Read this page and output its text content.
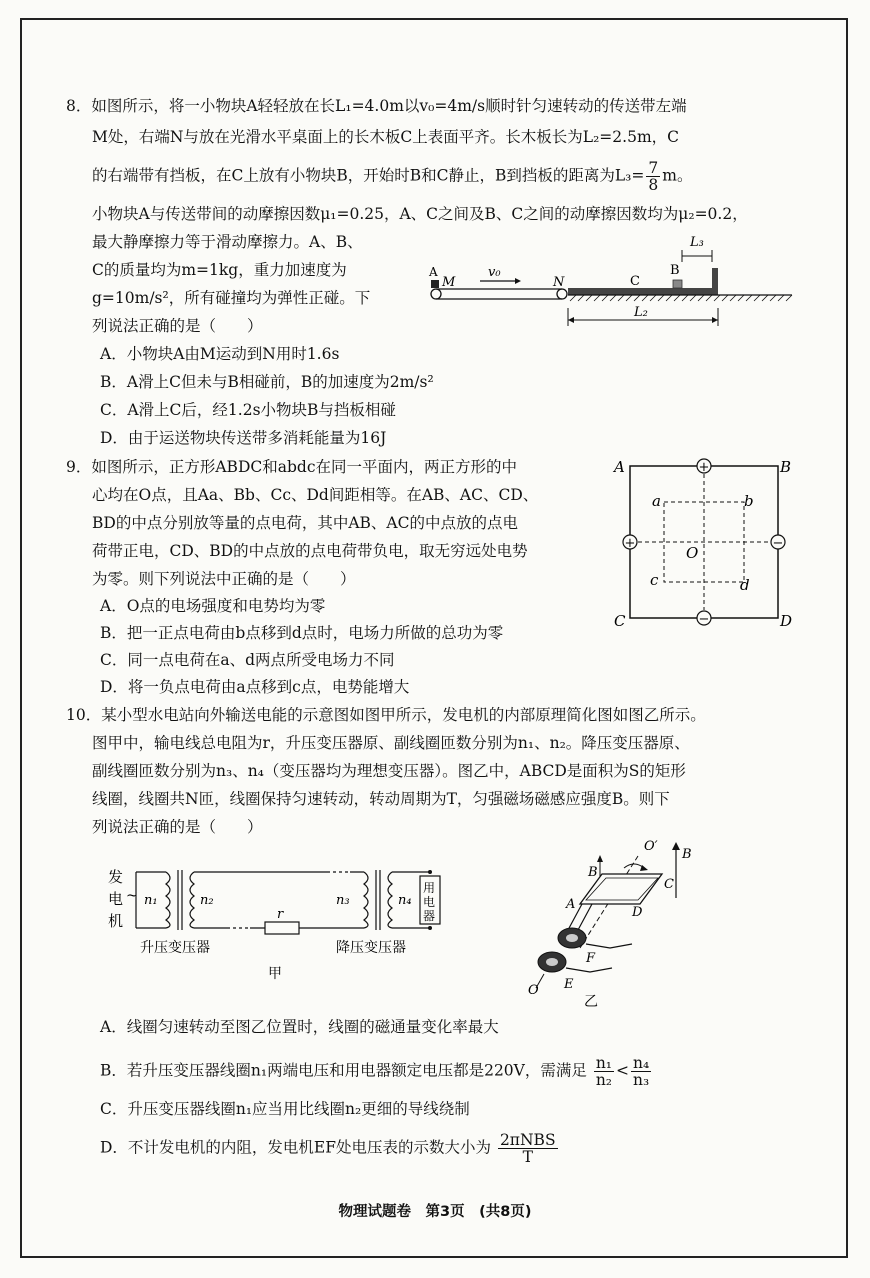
8．如图所示，将一小物块A轻轻放在长L₁=4.0m以v₀=4m/s顺时针匀速转动的传送带左端
M处，右端N与放在光滑水平桌面上的长木板C上表面平齐。长木板长为L₂=2.5m，C
的右端带有挡板，在C上放有小物块B，开始时B和C静止，B到挡板的距离为$L_3= \frac{7}{8}$ m。
小物块A与传送带间的动摩擦因数μ₁=0.25，A、C之间及B、C之间的动摩擦因数均为μ₂=0.2，
最大静摩擦力等于滑动摩擦力。A、B、
C的质量均为m=1kg，重力加速度为
g=10m/s²，所有碰撞均为弹性正碰。下
列说法正确的是（　　）
A．小物块A由M运动到N用时1.6s
B．A滑上C但未与B相碰前，B的加速度为2m/s²
C．A滑上C后，经1.2s小物块B与挡板相碰
D．由于运送物块传送带多消耗能量为16J
A
M
v₀
N	C
B
L₃
L₂
9．如图所示，正方形ABDC和abdc在同一平面内，两正方形的中
心均在O点，且Aa、Bb、Cc、Dd间距相等。在AB、AC、CD、
BD的中点分别放等量的点电荷，其中AB、AC的中点放的点电
荷带正电，CD、BD的中点放的点电荷带负电，取无穷远处电势
为零。则下列说法中正确的是（　　）
A．O点的电场强度和电势均为零
B．把一正点电荷由b点移到d点时，电场力所做的总功为零
C．同一点电荷在a、d两点所受电场力不同
D．将一负点电荷由a点移到c点，电势能增大
+
+	−
−
A	B
C	D
a	b
c	d
O
10．某小型水电站向外输送电能的示意图如图甲所示，发电机的内部原理简化图如图乙所示。
图甲中，输电线总电阻为r，升压变压器原、副线圈匝数分别为n₁、n₂。降压变压器原、
副线圈匝数分别为n₃、n₄（变压器均为理想变压器）。图乙中，ABCD是面积为S的矩形
线圈，线圈共N匝，线圈保持匀速转动，转动周期为T，匀强磁场磁感应强度B。则下
列说法正确的是（　　）
发
电
机
~	用
电
器
n₁	n₂	n₃	n₄
r
升压变压器	降压变压器
甲
O′
B
B
C
A
D
F
E
O
乙
A．线圈匀速转动至图乙位置时，线圈的磁通量变化率最大
B．若升压变压器线圈n₁两端电压和用电器额定电压都是220V，需满足 $\frac{\text{n₁}}{\text{n₂}} < \frac{\text{n₄}}{\text{n₃}}$
C．升压变压器线圈n₁应当用比线圈n₂更细的导线绕制
D．不计发电机的内阻，发电机EF处电压表的示数大小为 $\frac{\text{2πNBS}}{T}$
物理试题卷　第3页　(共8页)
